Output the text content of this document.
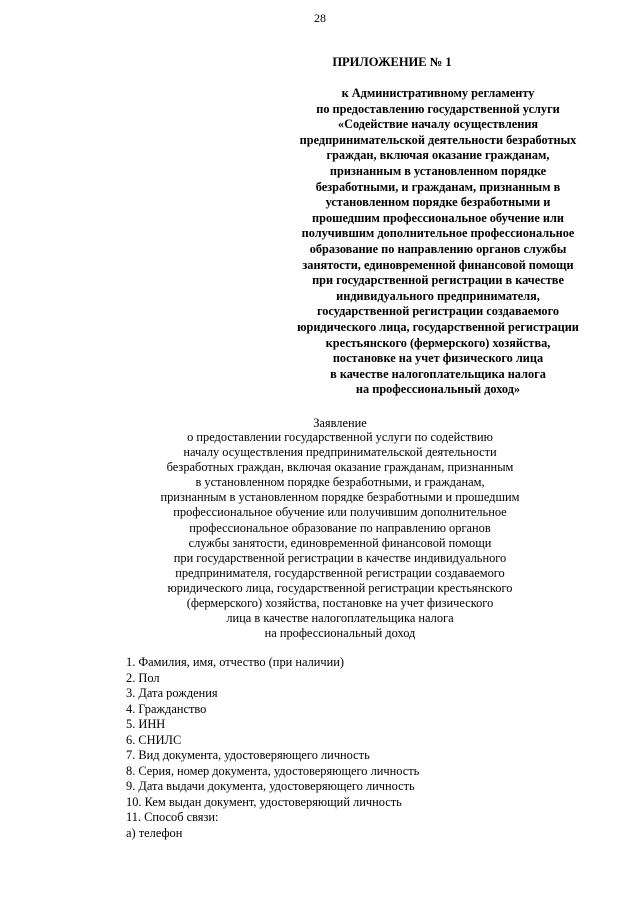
28
ПРИЛОЖЕНИЕ № 1
к Административному регламенту
по предоставлению государственной услуги
«Содействие началу осуществления
предпринимательской деятельности безработных
граждан, включая оказание гражданам,
признанным в установленном порядке
безработными, и гражданам, признанным в
установленном порядке безработными и
прошедшим профессиональное обучение или
получившим дополнительное профессиональное
образование по направлению органов службы
занятости, единовременной финансовой помощи
при государственной регистрации в качестве
индивидуального предпринимателя,
государственной регистрации создаваемого
юридического лица, государственной регистрации
крестьянского (фермерского) хозяйства,
постановке на учет физического лица
в качестве налогоплательщика налога
на профессиональный доход»
Заявление
о предоставлении государственной услуги по содействию
началу осуществления предпринимательской деятельности
безработных граждан, включая оказание гражданам, признанным
в установленном порядке безработными, и гражданам,
признанным в установленном порядке безработными и прошедшим
профессиональное обучение или получившим дополнительное
профессиональное образование по направлению органов
службы занятости, единовременной финансовой помощи
при государственной регистрации в качестве индивидуального
предпринимателя, государственной регистрации создаваемого
юридического лица, государственной регистрации крестьянского
(фермерского) хозяйства, постановке на учет физического
лица в качестве налогоплательщика налога
на профессиональный доход
1. Фамилия, имя, отчество (при наличии)
2. Пол
3. Дата рождения
4. Гражданство
5. ИНН
6. СНИЛС
7. Вид документа, удостоверяющего личность
8. Серия, номер документа, удостоверяющего личность
9. Дата выдачи документа, удостоверяющего личность
10. Кем выдан документ, удостоверяющий личность
11. Способ связи:
а) телефон
